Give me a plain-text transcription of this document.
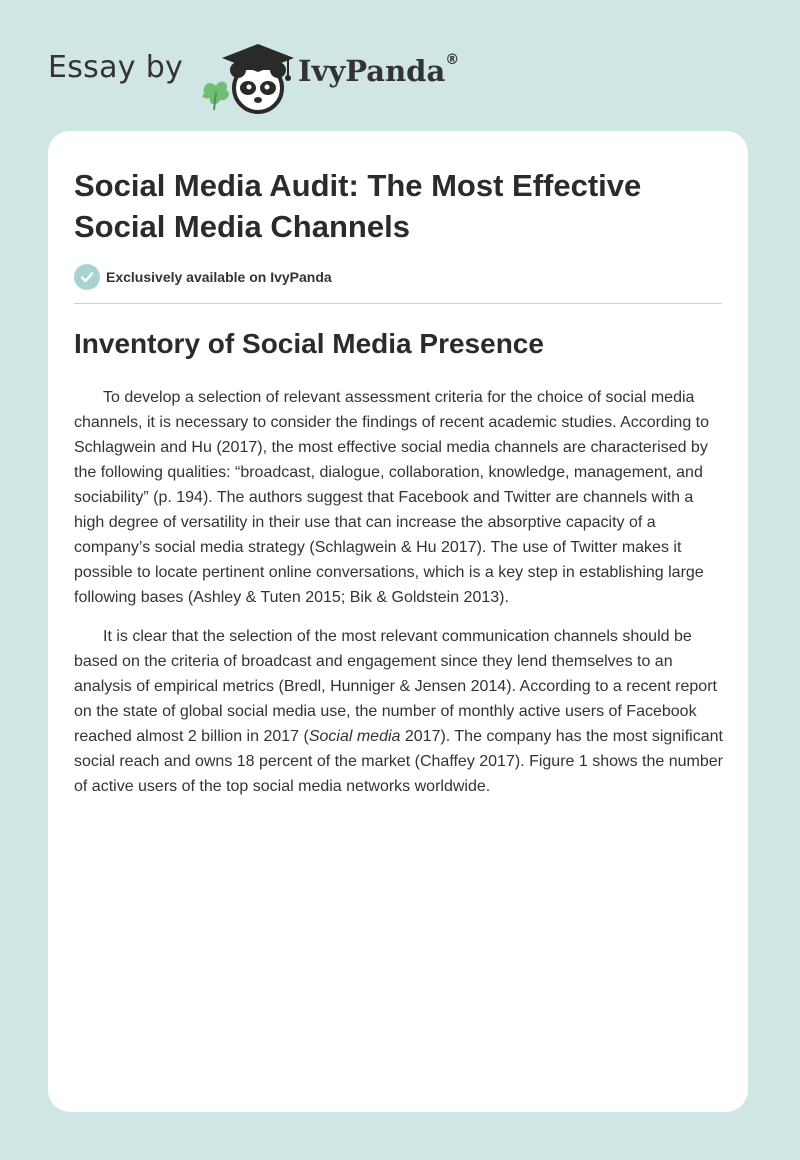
Essay by	IvyPanda®
Social Media Audit: The Most Effective Social Media Channels
Exclusively available on IvyPanda
Inventory of Social Media Presence

To develop a selection of relevant assessment criteria for the choice of social media channels, it is necessary to consider the findings of recent academic studies. According to Schlagwein and Hu (2017), the most effective social media channels are characterised by the following qualities: “broadcast, dialogue, collaboration, knowledge, management, and sociability” (p. 194). The authors suggest that Facebook and Twitter are channels with a high degree of versatility in their use that can increase the absorptive capacity of a company’s social media strategy (Schlagwein & Hu 2017). The use of Twitter makes it possible to locate pertinent online conversations, which is a key step in establishing large following bases (Ashley & Tuten 2015; Bik & Goldstein 2013).

It is clear that the selection of the most relevant communication channels should be based on the criteria of broadcast and engagement since they lend themselves to an analysis of empirical metrics (Bredl, Hunniger & Jensen 2014). According to a recent report on the state of global social media use, the number of monthly active users of Facebook reached almost 2 billion in 2017 (Social media 2017). The company has the most significant social reach and owns 18 percent of the market (Chaffey 2017). Figure 1 shows the number of active users of the top social media networks worldwide.
